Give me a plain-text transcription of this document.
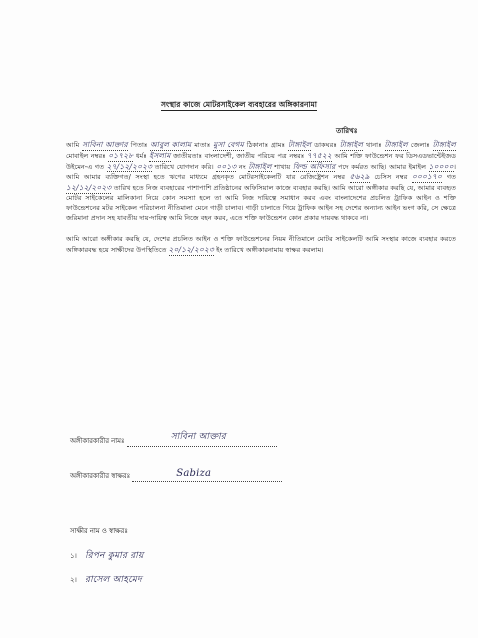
সংস্থার কাজে মোটরসাইকেল ব্যবহারের অঙ্গিকারনামা
তারিখঃ

আমি সাবিনা আক্তার পিতাঃ আবুল কালাম মাতাঃ মুসা বেগম ঠিকানাঃ গ্রামঃ টাঙ্গাইল ডাকঘরঃ টাঙ্গাইল থানাঃ টাঙ্গাইল জেলাঃ টাঙ্গাইল মোবাইল নম্বরঃ ০১৭২৮ ধর্মঃ ইসলাম জাতীয়তাঃ বাংলাদেশী, জাতীয় পরিচয় পত্র নম্বরঃ ৭৭৫২২ আমি শক্তি ফাউন্ডেশন ফর ডিসএডভান্টেইজড উইমেন-এ গত ২৭/১২/২০২৩ তারিখে যোগদান করি। ০০১৩ নং টাঙ্গাইল শাখায় ফিল্ড অফিসার পদে কর্মরত আছি। আমার ইমাইল ১০০০০। আমি আমার ব্যক্তিগত/ সংস্থা হতে ঋণের মাধ্যমে গ্রহনকৃত মোটরসাইকেলটি যার রেজিষ্ট্রেশন নম্বর ৫৬২৯ চেসিস নম্বর ০০০১৭০ গত ১২/১২/২০২৩ তারিখ হতে নিজ ব্যবহারের পাশাপাশি প্রতিষ্ঠানের অফিসিয়াল কাজে ব্যবহার করছি। আমি আরো অঙ্গীকার করছি যে, আমার ব্যবহৃত মোটর সাইকেলের মালিকানা নিয়ে কোন সমস্যা হলে তা আমি নিজ দায়িত্বে সমাধান করব এবং বাংলাদেশের প্রচলিত ট্রাফিক আইন ও শক্তি ফাউন্ডেশনের মটর সাইকেল পরিচালনা নীতিমালা মেনে গাড়ী চালাব। গাড়ী চালাতে গিয়ে ট্রাফিক আইন সহ দেশের অন্যান্য আইন ভংগ করি, সে ক্ষেত্রে জরিমানা প্রদান সহ যাবতীয় দায়-দায়িত্ব আমি নিজে বহন করব, এতে শক্তি ফাউন্ডেশন কোন প্রকার দায়বদ্ধ থাকবে না।

আমি আরো অঙ্গীকার করছি যে, দেশের প্রচলিত আইন ও শক্তি ফাউন্ডেশনের নিয়ম নীতিমালে মোটর সাইকেলটি আমি সংস্থার কাজে ব্যবহার করতে অঙ্গিকারবদ্ধ হয়ে সাক্ষীদের উপস্থিতিতে ২০/১২/২০২৩ ইং তারিখে অঙ্গীকারনামায় স্বাক্ষর করলাম।

অঙ্গীকারকারীর নামঃ	সাবিনা আক্তার
অঙ্গীকারকারীর স্বাক্ষরঃ	Sabiza
সাক্ষীর নাম ও স্বাক্ষরঃ
১। রিপন কুমার রায়
২। রাসেল আহমেদ
